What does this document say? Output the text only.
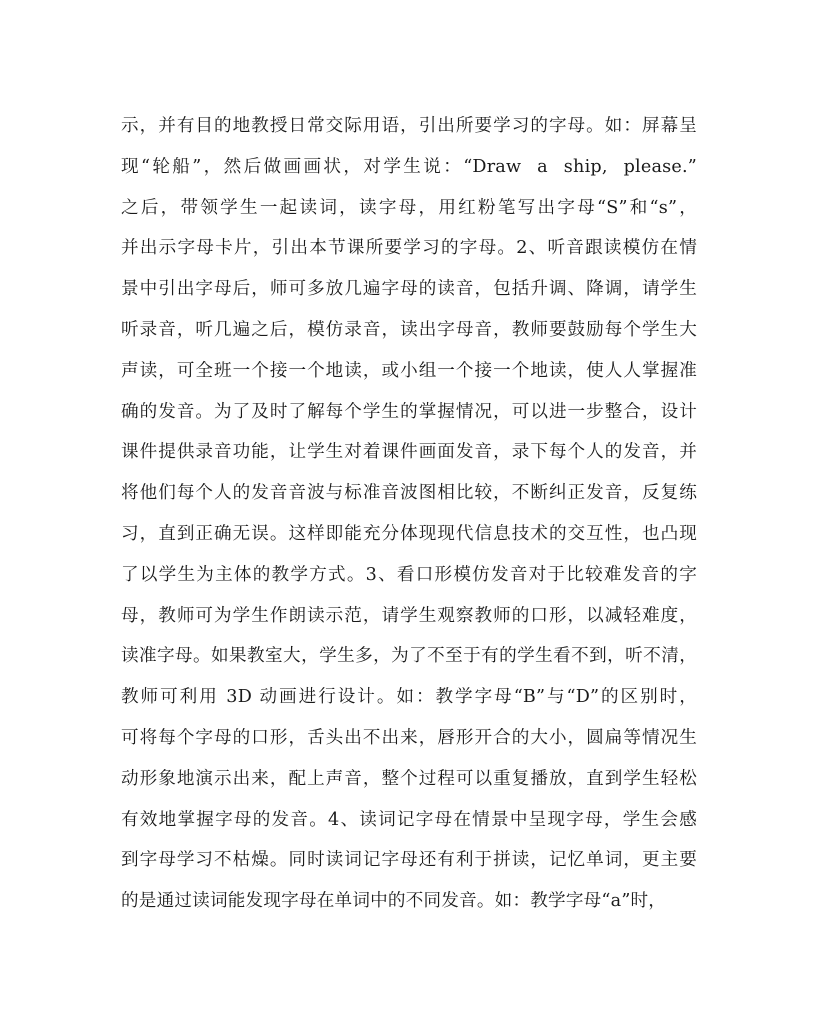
示，并有目的地教授日常交际用语，引出所要学习的字母。如：屏幕呈
现“轮船”，然后做画画状，对学生说：“Draw  a  ship,  please.”
之后，带领学生一起读词，读字母，用红粉笔写出字母“S”和“s”，
并出示字母卡片，引出本节课所要学习的字母。2、听音跟读模仿在情
景中引出字母后，师可多放几遍字母的读音，包括升调、降调，请学生
听录音，听几遍之后，模仿录音，读出字母音，教师要鼓励每个学生大
声读，可全班一个接一个地读，或小组一个接一个地读，使人人掌握准
确的发音。为了及时了解每个学生的掌握情况，可以进一步整合，设计
课件提供录音功能，让学生对着课件画面发音，录下每个人的发音，并
将他们每个人的发音音波与标准音波图相比较，不断纠正发音，反复练
习，直到正确无误。这样即能充分体现现代信息技术的交互性，也凸现
了以学生为主体的教学方式。3、看口形模仿发音对于比较难发音的字
母，教师可为学生作朗读示范，请学生观察教师的口形，以减轻难度，
读准字母。如果教室大，学生多，为了不至于有的学生看不到，听不清，
教师可利用 3D 动画进行设计。如：教学字母“B”与“D”的区别时，
可将每个字母的口形，舌头出不出来，唇形开合的大小，圆扁等情况生
动形象地演示出来，配上声音，整个过程可以重复播放，直到学生轻松
有效地掌握字母的发音。4、读词记字母在情景中呈现字母，学生会感
到字母学习不枯燥。同时读词记字母还有利于拼读，记忆单词，更主要
的是通过读词能发现字母在单词中的不同发音。如：教学字母“a”时，
